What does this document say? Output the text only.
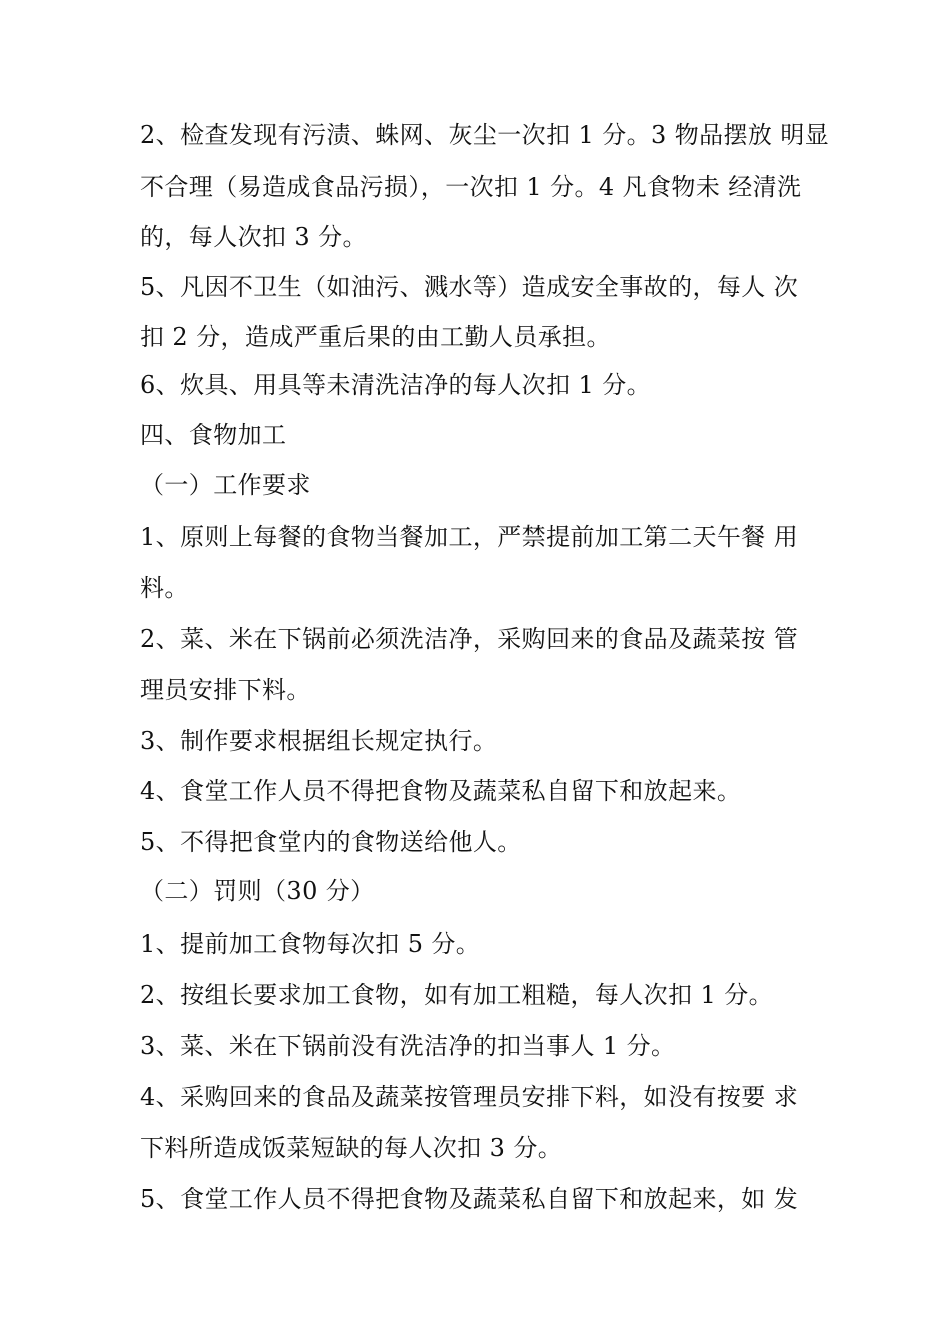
2、检查发现有污渍、蛛网、灰尘一次扣 1 分。3 物品摆放 明显
不合理（易造成食品污损），一次扣 1 分。4 凡食物未 经清洗
的，每人次扣 3 分。
5、凡因不卫生（如油污、溅水等）造成安全事故的，每人 次
扣 2 分，造成严重后果的由工勤人员承担。
6、炊具、用具等未清洗洁净的每人次扣 1 分。
四、食物加工
（一）工作要求
1、原则上每餐的食物当餐加工，严禁提前加工第二天午餐 用
料。
2、菜、米在下锅前必须洗洁净，采购回来的食品及蔬菜按 管
理员安排下料。
3、制作要求根据组长规定执行。
4、食堂工作人员不得把食物及蔬菜私自留下和放起来。
5、不得把食堂内的食物送给他人。
（二）罚则（30 分）
1、提前加工食物每次扣 5 分。
2、按组长要求加工食物，如有加工粗糙，每人次扣 1 分。
3、菜、米在下锅前没有洗洁净的扣当事人 1 分。
4、采购回来的食品及蔬菜按管理员安排下料，如没有按要 求
下料所造成饭菜短缺的每人次扣 3 分。
5、食堂工作人员不得把食物及蔬菜私自留下和放起来，如 发
